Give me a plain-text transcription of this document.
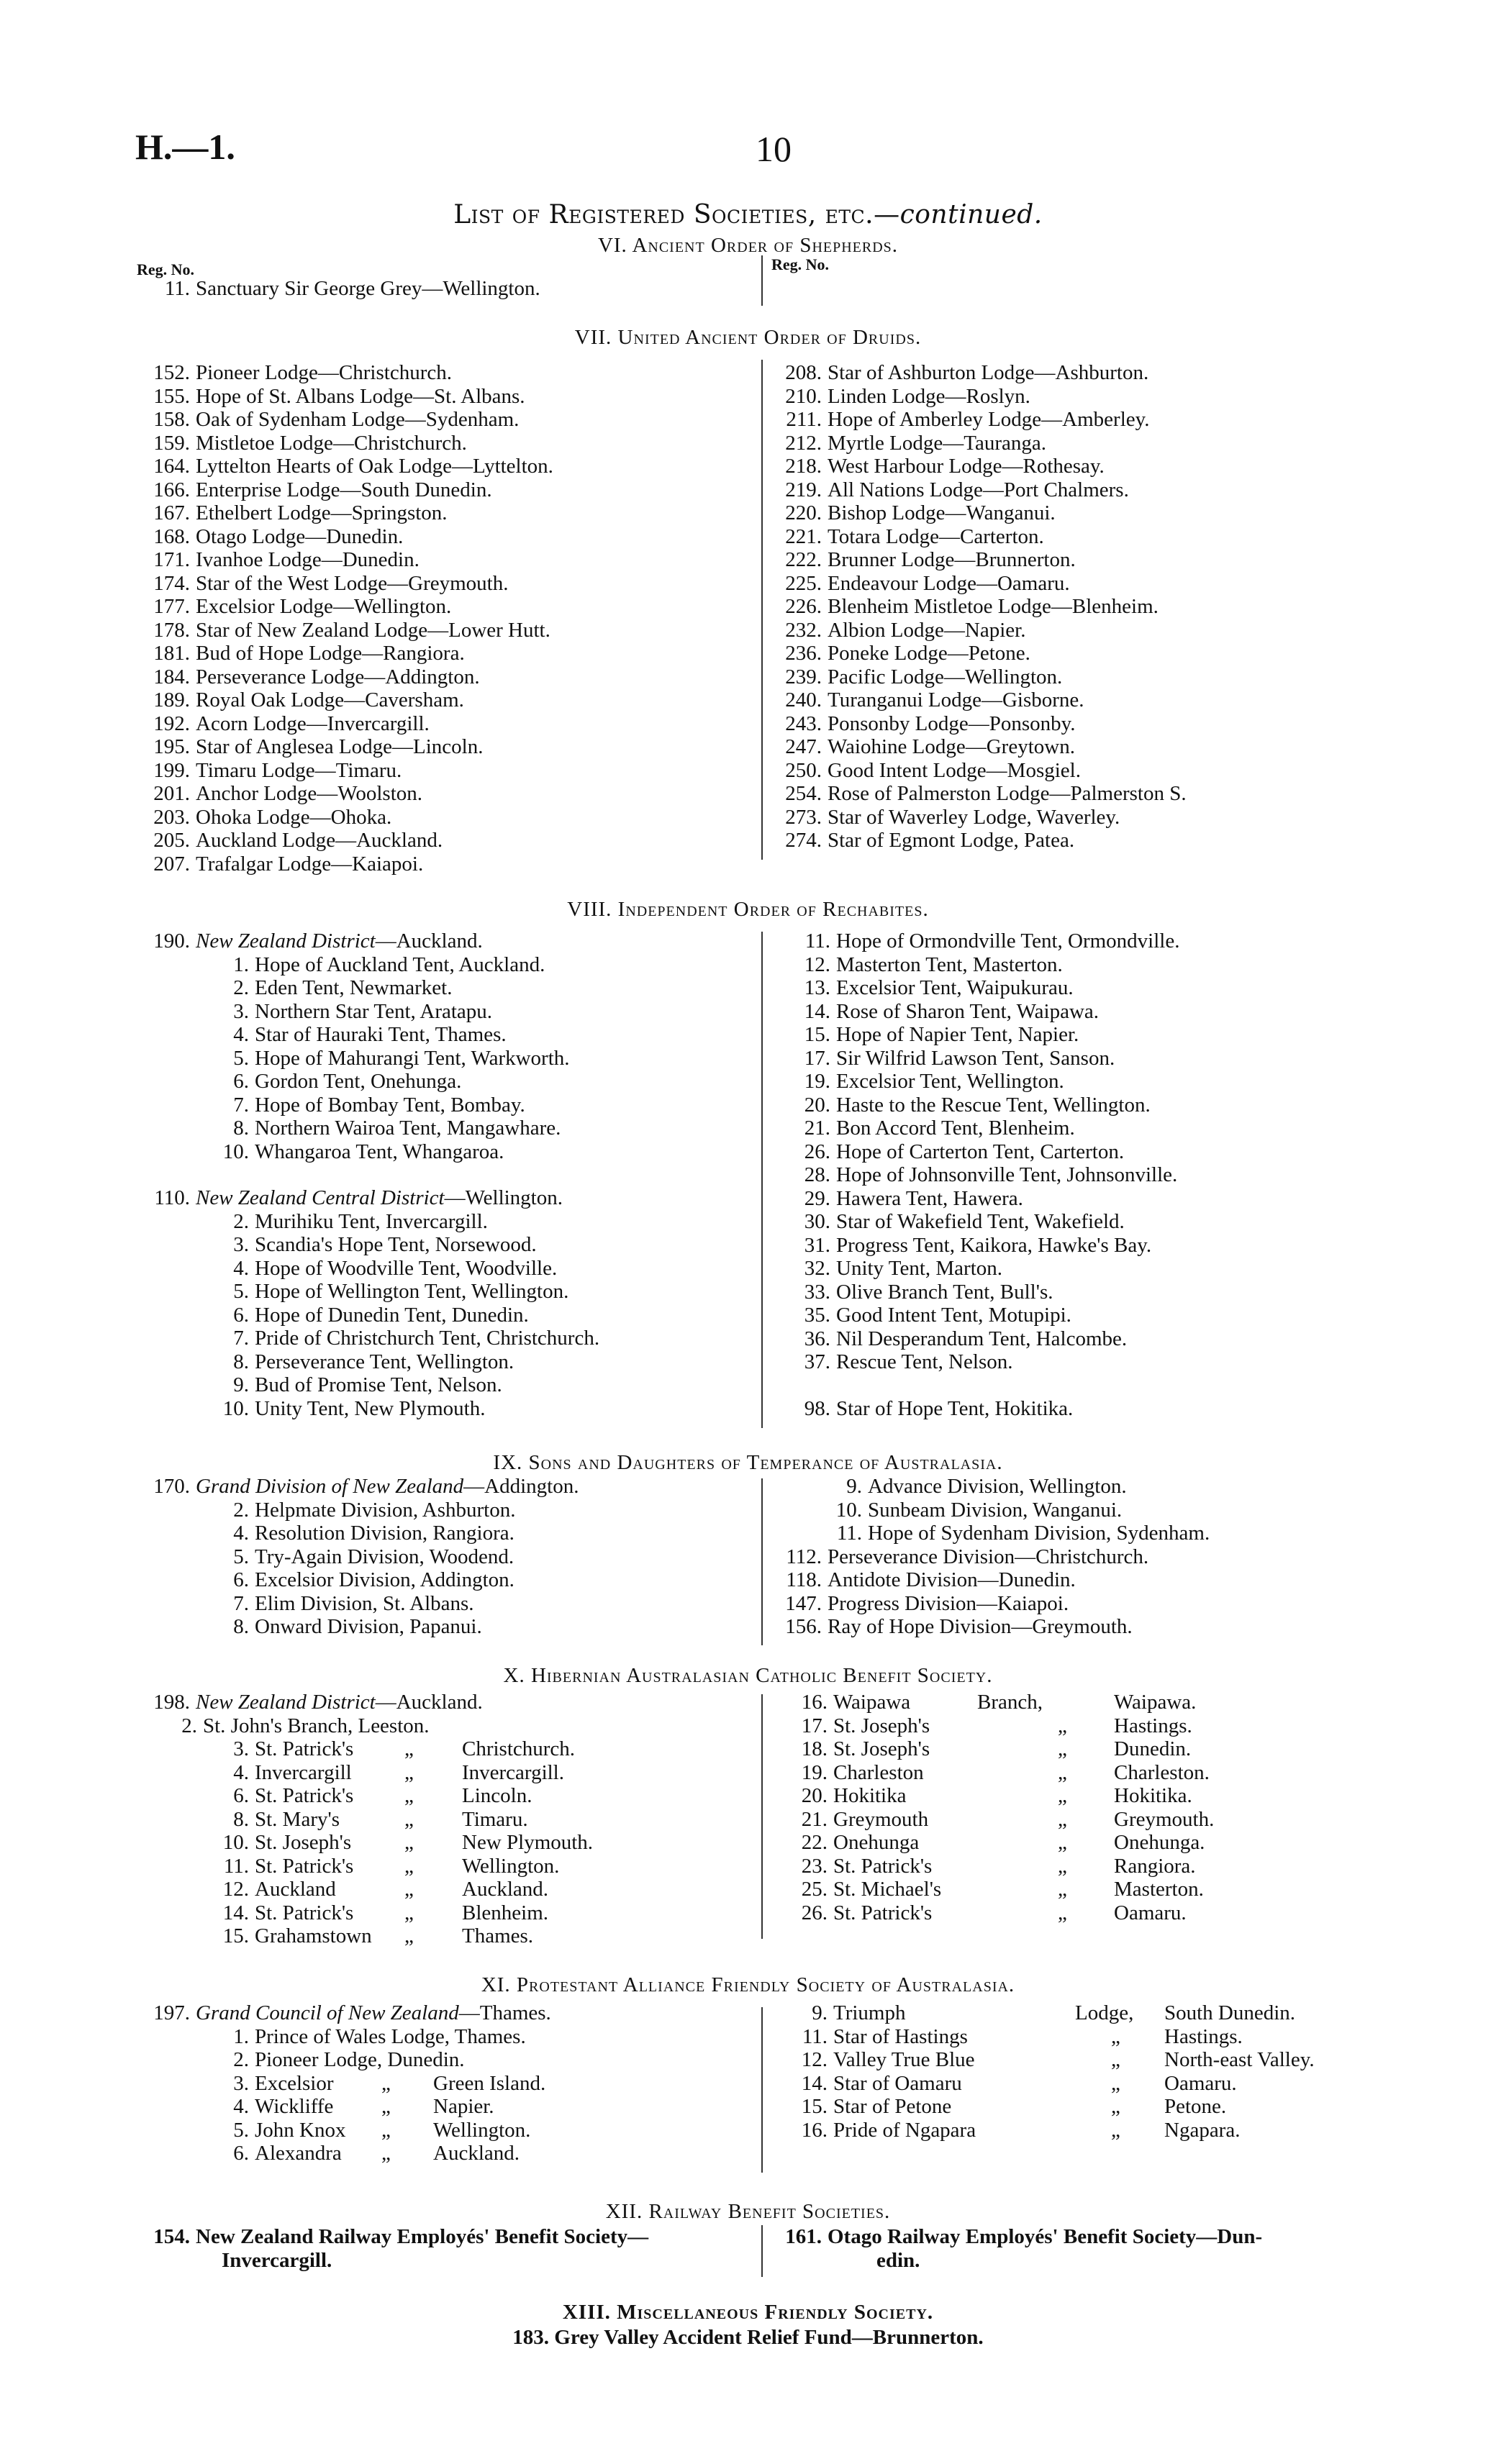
H.—1.	10
List of Registered Societies, etc.—continued.
VI. Ancient Order of Shepherds.
Reg. No.	Reg. No.
11. Sanctuary Sir George Grey—Wellington.
VII. United Ancient Order of Druids.
152. Pioneer Lodge—Christchurch.
155. Hope of St. Albans Lodge—St. Albans.
158. Oak of Sydenham Lodge—Sydenham.
159. Mistletoe Lodge—Christchurch.
164. Lyttelton Hearts of Oak Lodge—Lyttelton.
166. Enterprise Lodge—South Dunedin.
167. Ethelbert Lodge—Springston.
168. Otago Lodge—Dunedin.
171. Ivanhoe Lodge—Dunedin.
174. Star of the West Lodge—Greymouth.
177. Excelsior Lodge—Wellington.
178. Star of New Zealand Lodge—Lower Hutt.
181. Bud of Hope Lodge—Rangiora.
184. Perseverance Lodge—Addington.
189. Royal Oak Lodge—Caversham.
192. Acorn Lodge—Invercargill.
195. Star of Anglesea Lodge—Lincoln.
199. Timaru Lodge—Timaru.
201. Anchor Lodge—Woolston.
203. Ohoka Lodge—Ohoka.
205. Auckland Lodge—Auckland.
207. Trafalgar Lodge—Kaiapoi.
208. Star of Ashburton Lodge—Ashburton.
210. Linden Lodge—Roslyn.
211. Hope of Amberley Lodge—Amberley.
212. Myrtle Lodge—Tauranga.
218. West Harbour Lodge—Rothesay.
219. All Nations Lodge—Port Chalmers.
220. Bishop Lodge—Wanganui.
221. Totara Lodge—Carterton.
222. Brunner Lodge—Brunnerton.
225. Endeavour Lodge—Oamaru.
226. Blenheim Mistletoe Lodge—Blenheim.
232. Albion Lodge—Napier.
236. Poneke Lodge—Petone.
239. Pacific Lodge—Wellington.
240. Turanganui Lodge—Gisborne.
243. Ponsonby Lodge—Ponsonby.
247. Waiohine Lodge—Greytown.
250. Good Intent Lodge—Mosgiel.
254. Rose of Palmerston Lodge—Palmerston S.
273. Star of Waverley Lodge, Waverley.
274. Star of Egmont Lodge, Patea.
VIII. Independent Order of Rechabites.
190. New Zealand District—Auckland.
1. Hope of Auckland Tent, Auckland.
2. Eden Tent, Newmarket.
3. Northern Star Tent, Aratapu.
4. Star of Hauraki Tent, Thames.
5. Hope of Mahurangi Tent, Warkworth.
6. Gordon Tent, Onehunga.
7. Hope of Bombay Tent, Bombay.
8. Northern Wairoa Tent, Mangawhare.
10. Whangaroa Tent, Whangaroa.
110. New Zealand Central District—Wellington.
2. Murihiku Tent, Invercargill.
3. Scandia's Hope Tent, Norsewood.
4. Hope of Woodville Tent, Woodville.
5. Hope of Wellington Tent, Wellington.
6. Hope of Dunedin Tent, Dunedin.
7. Pride of Christchurch Tent, Christchurch.
8. Perseverance Tent, Wellington.
9. Bud of Promise Tent, Nelson.
10. Unity Tent, New Plymouth.
11. Hope of Ormondville Tent, Ormondville.
12. Masterton Tent, Masterton.
13. Excelsior Tent, Waipukurau.
14. Rose of Sharon Tent, Waipawa.
15. Hope of Napier Tent, Napier.
17. Sir Wilfrid Lawson Tent, Sanson.
19. Excelsior Tent, Wellington.
20. Haste to the Rescue Tent, Wellington.
21. Bon Accord Tent, Blenheim.
26. Hope of Carterton Tent, Carterton.
28. Hope of Johnsonville Tent, Johnsonville.
29. Hawera Tent, Hawera.
30. Star of Wakefield Tent, Wakefield.
31. Progress Tent, Kaikora, Hawke's Bay.
32. Unity Tent, Marton.
33. Olive Branch Tent, Bull's.
35. Good Intent Tent, Motupipi.
36. Nil Desperandum Tent, Halcombe.
37. Rescue Tent, Nelson.
98. Star of Hope Tent, Hokitika.
IX. Sons and Daughters of Temperance of Australasia.
170. Grand Division of New Zealand—Addington.
2. Helpmate Division, Ashburton.
4. Resolution Division, Rangiora.
5. Try-Again Division, Woodend.
6. Excelsior Division, Addington.
7. Elim Division, St. Albans.
8. Onward Division, Papanui.
9. Advance Division, Wellington.
10. Sunbeam Division, Wanganui.
11. Hope of Sydenham Division, Sydenham.
112. Perseverance Division—Christchurch.
118. Antidote Division—Dunedin.
147. Progress Division—Kaiapoi.
156. Ray of Hope Division—Greymouth.
X. Hibernian Australasian Catholic Benefit Society.
198. New Zealand District—Auckland.
2. St. John's Branch, Leeston.
3. St. Patrick's „ Christchurch.
4. Invercargill	„ Invercargill.
6. St. Patrick's „ Lincoln.
8. St. Mary's	„ Timaru.
10. St. Joseph's	„ New Plymouth.
11. St. Patrick's „ Wellington.
12. Auckland	„ Auckland.
14. St. Patrick's „ Blenheim.
15. Grahamstown „ Thames.
16. Waipawa	Branch,	Waipawa.
17. St. Joseph's	„ Hastings.
18. St. Joseph's	„ Dunedin.
19. Charleston	„ Charleston.
20. Hokitika	„ Hokitika.
21. Greymouth	„ Greymouth.
22. Onehunga	„ Onehunga.
23. St. Patrick's	„ Rangiora.
25. St. Michael's	„ Masterton.
26. St. Patrick's	„ Oamaru.
XI. Protestant Alliance Friendly Society of Australasia.
197. Grand Council of New Zealand—Thames.
1. Prince of Wales Lodge, Thames.
2. Pioneer Lodge, Dunedin.
3. Excelsior „ Green Island.
4. Wickliffe „ Napier.
5. John Knox „ Wellington.
6. Alexandra „ Auckland.
9. Triumph	Lodge, South Dunedin.
11. Star of Hastings	„ Hastings.
12. Valley True Blue	„ North-east Valley.
14. Star of Oamaru	„ Oamaru.
15. Star of Petone	„ Petone.
16. Pride of Ngapara	„ Ngapara.
XII. Railway Benefit Societies.
154. New Zealand Railway Employés' Benefit Society—
Invercargill.
161. Otago Railway Employés' Benefit Society—Dun-
edin.
XIII. Miscellaneous Friendly Society.
183. Grey Valley Accident Relief Fund—Brunnerton.
